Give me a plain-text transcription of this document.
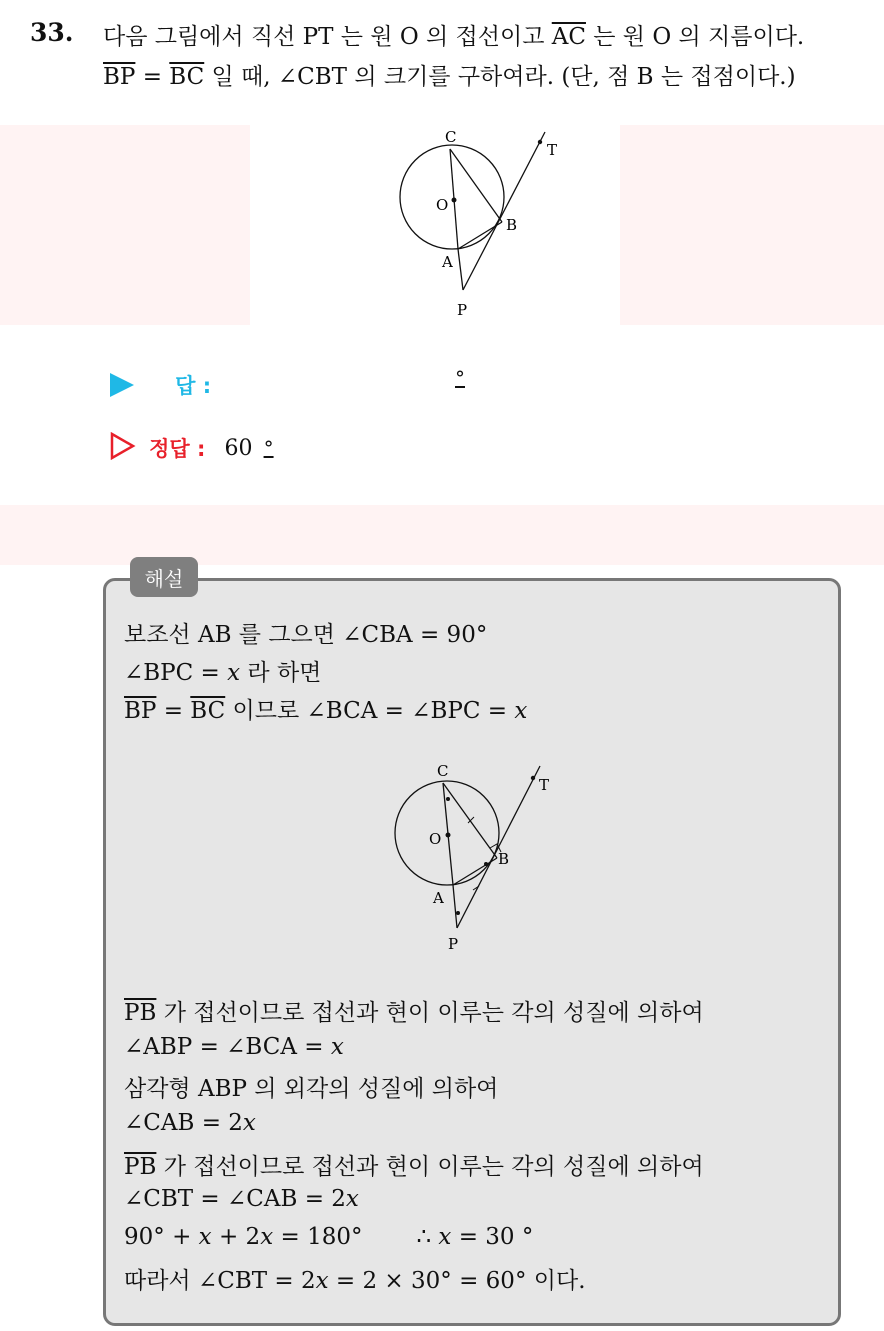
33. 다음 그림에서 직선 PT 는 원 O 의 접선이고 $\overline{AC}$ 는 원 O 의 지름이다.
$\overline{BP} = \overline{BC}$ 일 때, ∠CBT 의 크기를 구하여라. (단, 점 B 는 접점이다.)
C
O
B
A
P
T
답 :	°
정답 : 60 °
해설
보조선 AB 를 그으면 ∠CBA = 90°
∠BPC = x 라 하면
$\overline{BP} = \overline{BC}$ 이므로 ∠BCA = ∠BPC = x
C
O
B
A
P
T
$\overline{PB}$ 가 접선이므로 접선과 현이 이루는 각의 성질에 의하여
∠ABP = ∠BCA = x
삼각형 ABP 의 외각의 성질에 의하여
∠CAB = 2x
$\overline{PB}$ 가 접선이므로 접선과 현이 이루는 각의 성질에 의하여
∠CBT = ∠CAB = 2x
90° + x + 2x = 180° ∴ x = 30 °
따라서 ∠CBT = 2x = 2 × 30° = 60° 이다.
